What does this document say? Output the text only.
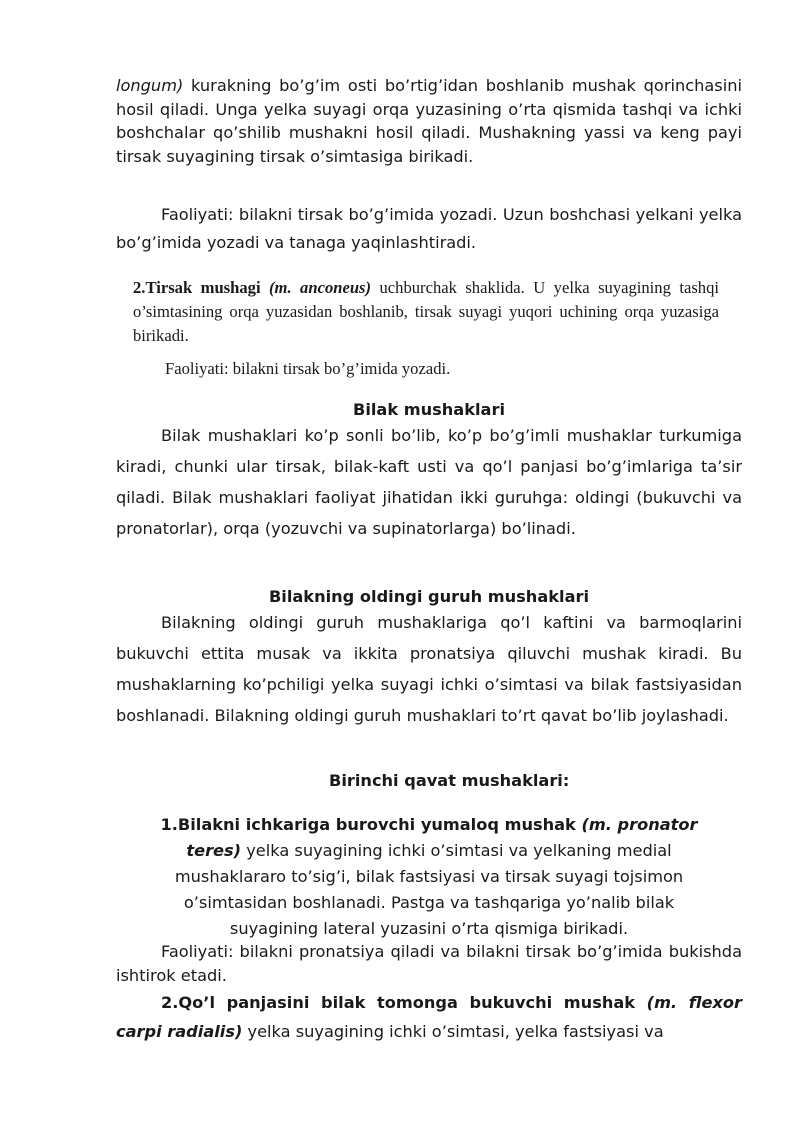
longum) kurakning bo’g’im osti bo’rtig’idan boshlanib mushak qorinchasini hosil qiladi. Unga yelka suyagi orqa yuzasining o’rta qismida tashqi va ichki boshchalar qo’shilib mushakni hosil qiladi. Mushakning yassi va keng payi tirsak suyagining tirsak o’simtasiga birikadi.

Faoliyati: bilakni tirsak bo’g’imida yozadi. Uzun boshchasi yelkani yelka bo’g’imida yozadi va tanaga yaqinlashtiradi.

2.Tirsak mushagi (m. anconeus) uchburchak shaklida. U yelka suyagining tashqi o’simtasining orqa yuzasidan boshlanib, tirsak suyagi yuqori uchining orqa yuzasiga birikadi.

Faoliyati: bilakni tirsak bo’g’imida yozadi.

Bilak mushaklari

Bilak mushaklari ko’p sonli bo’lib, ko’p bo’g’imli mushaklar turkumiga kiradi, chunki ular tirsak, bilak-kaft usti va qo’l panjasi bo’g’imlariga ta’sir qiladi. Bilak mushaklari faoliyat jihatidan ikki guruhga: oldingi (bukuvchi va pronatorlar), orqa (yozuvchi va supinatorlarga) bo’linadi.

Bilakning oldingi guruh mushaklari

Bilakning oldingi guruh mushaklariga qo’l kaftini va barmoqlarini bukuvchi ettita musak va ikkita pronatsiya qiluvchi mushak kiradi. Bu mushaklarning ko’pchiligi yelka suyagi ichki o’simtasi va bilak fastsiyasidan boshlanadi. Bilakning oldingi guruh mushaklari to’rt qavat bo’lib joylashadi.

Birinchi qavat mushaklari:

1.Bilakni ichkariga burovchi yumaloq mushak (m. pronator teres) yelka suyagining ichki o’simtasi va yelkaning medial mushaklararo to’sig’i, bilak fastsiyasi va tirsak suyagi tojsimon o’simtasidan boshlanadi. Pastga va tashqariga yo’nalib bilak suyagining lateral yuzasini o’rta qismiga birikadi.

Faoliyati: bilakni pronatsiya qiladi va bilakni tirsak bo’g’imida bukishda ishtirok etadi.

2.Qo’l panjasini bilak tomonga bukuvchi mushak (m. flexor carpi radialis) yelka suyagining ichki o’simtasi, yelka fastsiyasi va
